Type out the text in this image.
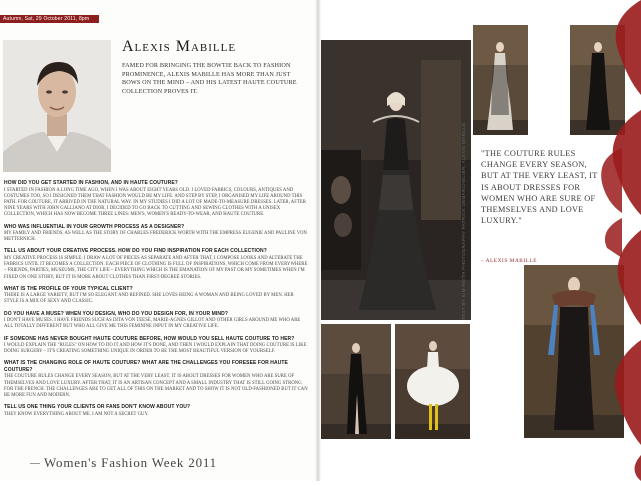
Autumn, Sat, 29 October 2011, 8pm
Alexis Mabille
FAMED FOR BRINGING THE BOWTIE BACK TO FASHION PROMINENCE, ALEXIS MABILLE HAS MORE THAN JUST BOWS ON THE MIND – AND HIS LATEST HAUTE COUTURE COLLECTION PROVES IT.
HOW DID YOU GET STARTED IN FASHION, AND IN HAUTE COUTURE?

I STARTED IN FASHION A LONG TIME AGO, WHEN I WAS ABOUT EIGHT YEARS OLD. I LOVED FABRICS, COLOURS, ANTIQUES AND COSTUMES TOO, SO I DESIGNED THEM THAT FASHION WOULD BE MY LIFE. AND STEP BY STEP, I ORGANISED MY LIFE AROUND THIS PATH. FOR COUTURE, IT ARRIVED IN THE NATURAL WAY. IN MY STUDIES I DID A LOT OF MADE-TO-MEASURE DRESSES. LATER, AFTER NINE YEARS WITH JOHN GALLIANO AT DIOR, I DECIDED TO GO BACK TO CUTTING AND SEWING CLOTHES WITH A UNISEX COLLECTION, WHICH HAS NOW BECOME THREE LINES: MEN'S, WOMEN'S READY-TO-WEAR, AND HAUTE COUTURE.

WHO WAS INFLUENTIAL IN YOUR GROWTH PROCESS AS A DESIGNER?

MY FAMILY AND FRIENDS, AS WELL AS THE STORY OF CHARLES FREDERICK WORTH WITH THE EMPRESS EUGENIE AND PAULINE VON METTERNICH.

TELL US ABOUT YOUR CREATIVE PROCESS. HOW DO YOU FIND INSPIRATION FOR EACH COLLECTION?

MY CREATIVE PROCESS IS SIMPLE: I DRAW A LOT OF PIECES AS SEPARATE AND AFTER THAT, I COMPOSE LOOKS AND ALTERATE THE FABRICS UNTIL IT BECOMES A COLLECTION. EACH PIECE OF CLOTHING IS FULL OF INSPIRATIONS, WHICH COME FROM EVERYWHERE – FRIENDS, PARTIES, MUSEUMS, THE CITY LIFE – EVERYTHING WHICH IS THE EMANATION OF MY PAST OR MY SOMETIMES WHEN I'M FIXED ON ONE STORY, BUT IT IS MORE ABOUT CLOTHES THAN FIRST-DEGREE STORIES.

WHAT IS THE PROFILE OF YOUR TYPICAL CLIENT?

THERE IS A LARGE VARIETY, BUT I'M SO ELEGANT AND REFINED. SHE LOVES BEING A WOMAN AND BEING LOVED BY MEN. HER STYLE IS A MIX OF SEXY AND CLASSIC.

DO YOU HAVE A MUSE? WHEN YOU DESIGN, WHO DO YOU DESIGN FOR, IN YOUR MIND?

I DON'T HAVE MUSES. I HAVE FRIENDS SUCH AS DITA VON TEESE, MARIE-AGNES GILLOT AND OTHER GIRLS AROUND ME WHO ARE ALL TOTALLY DIFFERENT BUT WHO ALL GIVE ME THIS FEMININE INPUT IN MY CREATIVE LIFE.

IF SOMEONE HAS NEVER BOUGHT HAUTE COUTURE BEFORE, HOW WOULD YOU SELL HAUTE COUTURE TO HER?

I WOULD EXPLAIN THE "RULES" ON HOW TO DO IT AND HOW IT'S DONE, AND THEN I WOULD EXPLAIN THAT DOING COUTURE IS LIKE DOING SURGERY – IT'S CREATING SOMETHING UNIQUE IN ORDER TO BE THE MOST BEAUTIFUL VERSION OF YOURSELF.

WHAT IS THE CHANGING ROLE OF HAUTE COUTURE? WHAT ARE THE CHALLENGES YOU FORESEE FOR HAUTE COUTURE?

THE COUTURE RULES CHANGE EVERY SEASON, BUT AT THE VERY LEAST, IT IS ABOUT DRESSES FOR WOMEN WHO ARE SURE OF THEMSELVES AND LOVE LUXURY. AFTER THAT, IT IS AN ARTISAN CONCEPT AND A SMALL INDUSTRY THAT IS STILL GOING STRONG FOR THE FRENCH. THE CHALLENGES ARE TO GET ALL OF THIS ON THE MARKET AND TO SHOW IT IS NOT OLD-FASHIONED BUT IT CAN BE MORE FUN AND MODERN.

TELL US ONE THING YOUR CLIENTS OR FANS DON'T KNOW ABOUT YOU?

THEY KNOW EVERYTHING ABOUT ME. I AM NOT A SECRET GUY.

Women's Fashion Week 2011
TEXT BY KIM REITH PHOTOGRAPHY PATRICK DEMARCHELIER, ALEXIS MABILLE "THE COUTURE RULES CHANGE EVERY SEASON, BUT AT THE VERY LEAST, IT IS ABOUT DRESSES FOR WOMEN WHO ARE SURE OF THEMSELVES AND LOVE LUXURY."
– ALEXIS MABILLE
